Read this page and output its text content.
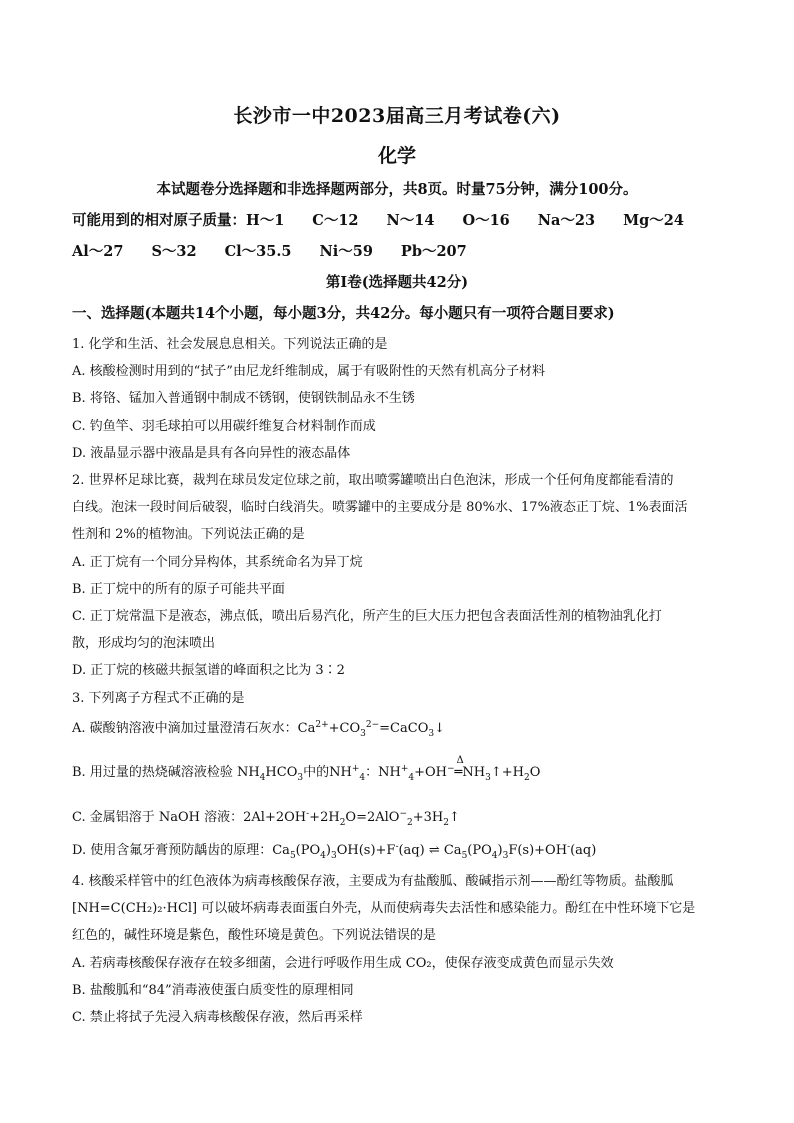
长沙市一中2023届高三月考试卷(六)
化学
本试题卷分选择题和非选择题两部分，共8页。时量75分钟，满分100分。
可能用到的相对原子质量：H～1 C～12 N～14 O～16 Na～23 Mg～24
Al～27 S～32 Cl～35.5 Ni～59 Pb～207
第Ⅰ卷(选择题共42分)
一、选择题(本题共14个小题，每小题3分，共42分。每小题只有一项符合题目要求)
1. 化学和生活、社会发展息息相关。下列说法正确的是
A. 核酸检测时用到的“拭子”由尼龙纤维制成，属于有吸附性的天然有机高分子材料
B. 将铬、锰加入普通钢中制成不锈钢，使钢铁制品永不生锈
C. 钓鱼竿、羽毛球拍可以用碳纤维复合材料制作而成
D. 液晶显示器中液晶是具有各向异性的液态晶体
2. 世界杯足球比赛，裁判在球员发定位球之前，取出喷雾罐喷出白色泡沫，形成一个任何角度都能看清的
白线。泡沫一段时间后破裂，临时白线消失。喷雾罐中的主要成分是 80%水、17%液态正丁烷、1%表面活
性剂和 2%的植物油。下列说法正确的是
A. 正丁烷有一个同分异构体，其系统命名为异丁烷
B. 正丁烷中的所有的原子可能共平面
C. 正丁烷常温下是液态，沸点低，喷出后易汽化，所产生的巨大压力把包含表面活性剂的植物油乳化打
散，形成均匀的泡沫喷出
D. 正丁烷的核磁共振氢谱的峰面积之比为 3∶2
3. 下列离子方程式不正确的是
A. 碳酸钠溶液中滴加过量澄清石灰水：$Ca^{2+}+CO_3^{2-}=CaCO_3↓$
B. 用过量的热烧碱溶液检验 $NH_4HCO_3$中的$NH^+_4$：$NH^+_4+OH^-$
Δ
$═NH_3↑+H_2O$
C. 金属铝溶于 NaOH 溶液：$2Al+2OH^-+2H_2O=2AlO^-_2+3H_2↑$
D. 使用含氟牙膏预防龋齿的原理：$Ca_5(PO_4)_3OH(s)+F^-(aq)$ ⇌ $Ca_5(PO_4)_3F(s)+OH^-(aq)$
4. 核酸采样管中的红色液体为病毒核酸保存液，主要成为有盐酸胍、酸碱指示剂——酚红等物质。盐酸胍
[NH=C(CH₂)₂·HCl] 可以破坏病毒表面蛋白外壳，从而使病毒失去活性和感染能力。酚红在中性环境下它是
红色的，碱性环境是紫色，酸性环境是黄色。下列说法错误的是
A. 若病毒核酸保存液存在较多细菌，会进行呼吸作用生成 CO₂，使保存液变成黄色而显示失效
B. 盐酸胍和“84”消毒液使蛋白质变性的原理相同
C. 禁止将拭子先浸入病毒核酸保存液，然后再采样
